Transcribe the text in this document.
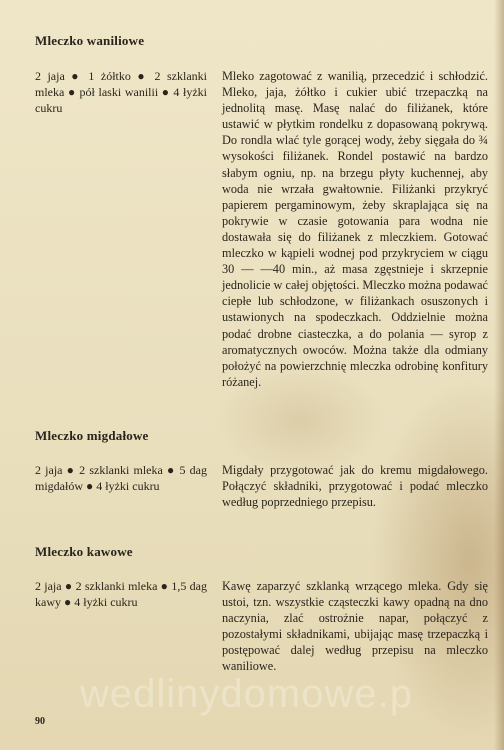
Mleczko waniliowe

2 jaja ● 1 żółtko ● 2 szklanki mleka ● pół laski wanilii ● 4 łyżki cukru

Mleko zagotować z wanilią, przecedzić i schłodzić. Mleko, jaja, żółtko i cukier ubić trzepaczką na jednolitą masę. Masę nalać do filiżanek, które ustawić w płytkim rondelku z dopasowaną pokrywą. Do rondla wlać tyle gorącej wody, żeby sięgała do ¾ wysokości filiżanek. Rondel postawić na bardzo słabym ogniu, np. na brzegu płyty kuchennej, aby woda nie wrzała gwałtownie. Filiżanki przykryć papierem pergaminowym, żeby skraplająca się na pokrywie w czasie gotowania para wodna nie dostawała się do filiżanek z mleczkiem. Gotować mleczko w kąpieli wodnej pod przykryciem w ciągu 30 — —40 min., aż masa zgęstnieje i skrzepnie jednolicie w całej objętości. Mleczko można podawać ciepłe lub schłodzone, w filiżankach osuszonych i ustawionych na spodeczkach. Oddzielnie można podać drobne ciasteczka, a do polania — syrop z aromatycznych owoców. Można także dla odmiany położyć na powierzchnię mleczka odrobinę konfitury różanej.

Mleczko migdałowe

2 jaja ● 2 szklanki mleka ● 5 dag migdałów ● 4 łyżki cukru

Migdały przygotować jak do kremu migdałowego. Połączyć składniki, przygotować i podać mleczko według poprzedniego przepisu.

Mleczko kawowe

2 jaja ● 2 szklanki mleka ● 1,5 dag kawy ● 4 łyżki cukru

Kawę zaparzyć szklanką wrzącego mleka. Gdy się ustoi, tzn. wszystkie cząsteczki kawy opadną na dno naczynia, zlać ostrożnie napar, połączyć z pozostałymi składnikami, ubijając masę trzepaczką i postępować dalej według przepisu na mleczko waniliowe.

wedlinydomowe.p

90
